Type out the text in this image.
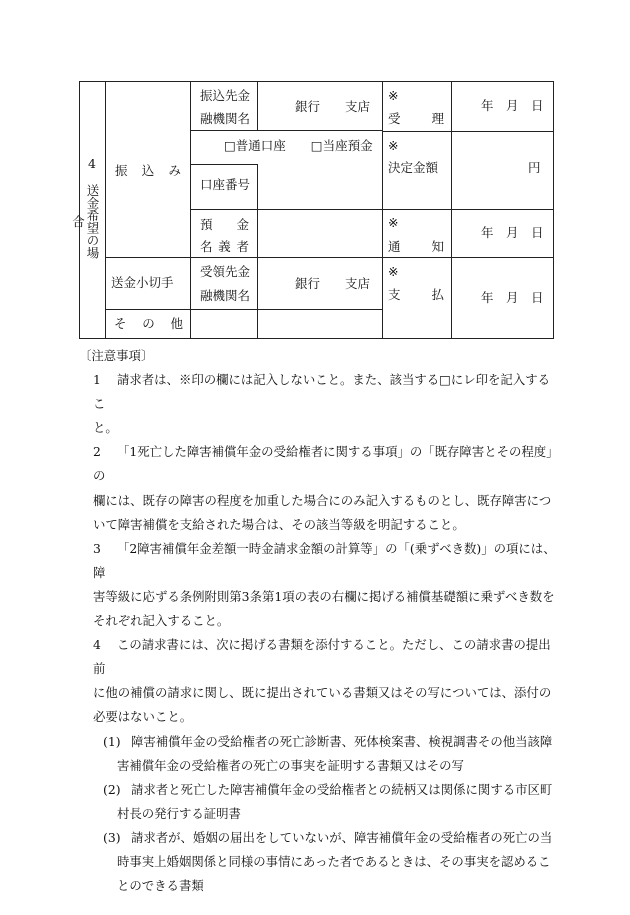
4
送金希望の場合
振 込 み
振込先金
融機関名
銀行　　支店
□普通口座　　□当座預金
口座番号
預 金
名 義 者
送金小切手
受領先金
融機関名
銀行　　支店
そ の 他
※
受 理
年　月　日
※
決定金額	円
※
通 知
年　月　日
※
支 払	年　月　日

〔注意事項〕

1 請求者は、※印の欄には記入しないこと。また、該当する□にレ印を記入するこ

と。

2 「1死亡した障害補償年金の受給権者に関する事項」の「既存障害とその程度」の

欄には、既存の障害の程度を加重した場合にのみ記入するものとし、既存障害につ

いて障害補償を支給された場合は、その該当等級を明記すること。

3 「2障害補償年金差額一時金請求金額の計算等」の「(乗ずべき数)」の項には、障

害等級に応ずる条例附則第3条第1項の表の右欄に掲げる補償基礎額に乗ずべき数を

それぞれ記入すること。

4 この請求書には、次に掲げる書類を添付すること。ただし、この請求書の提出前

に他の補償の請求に関し、既に提出されている書類又はその写については、添付の

必要はないこと。

(1) 障害補償年金の受給権者の死亡診断書、死体検案書、検視調書その他当該障

害補償年金の受給権者の死亡の事実を証明する書類又はその写

(2) 請求者と死亡した障害補償年金の受給権者との続柄又は関係に関する市区町

村長の発行する証明書

(3) 請求者が、婚姻の届出をしていないが、障害補償年金の受給権者の死亡の当

時事実上婚姻関係と同様の事情にあった者であるときは、その事実を認めるこ

とのできる書類
